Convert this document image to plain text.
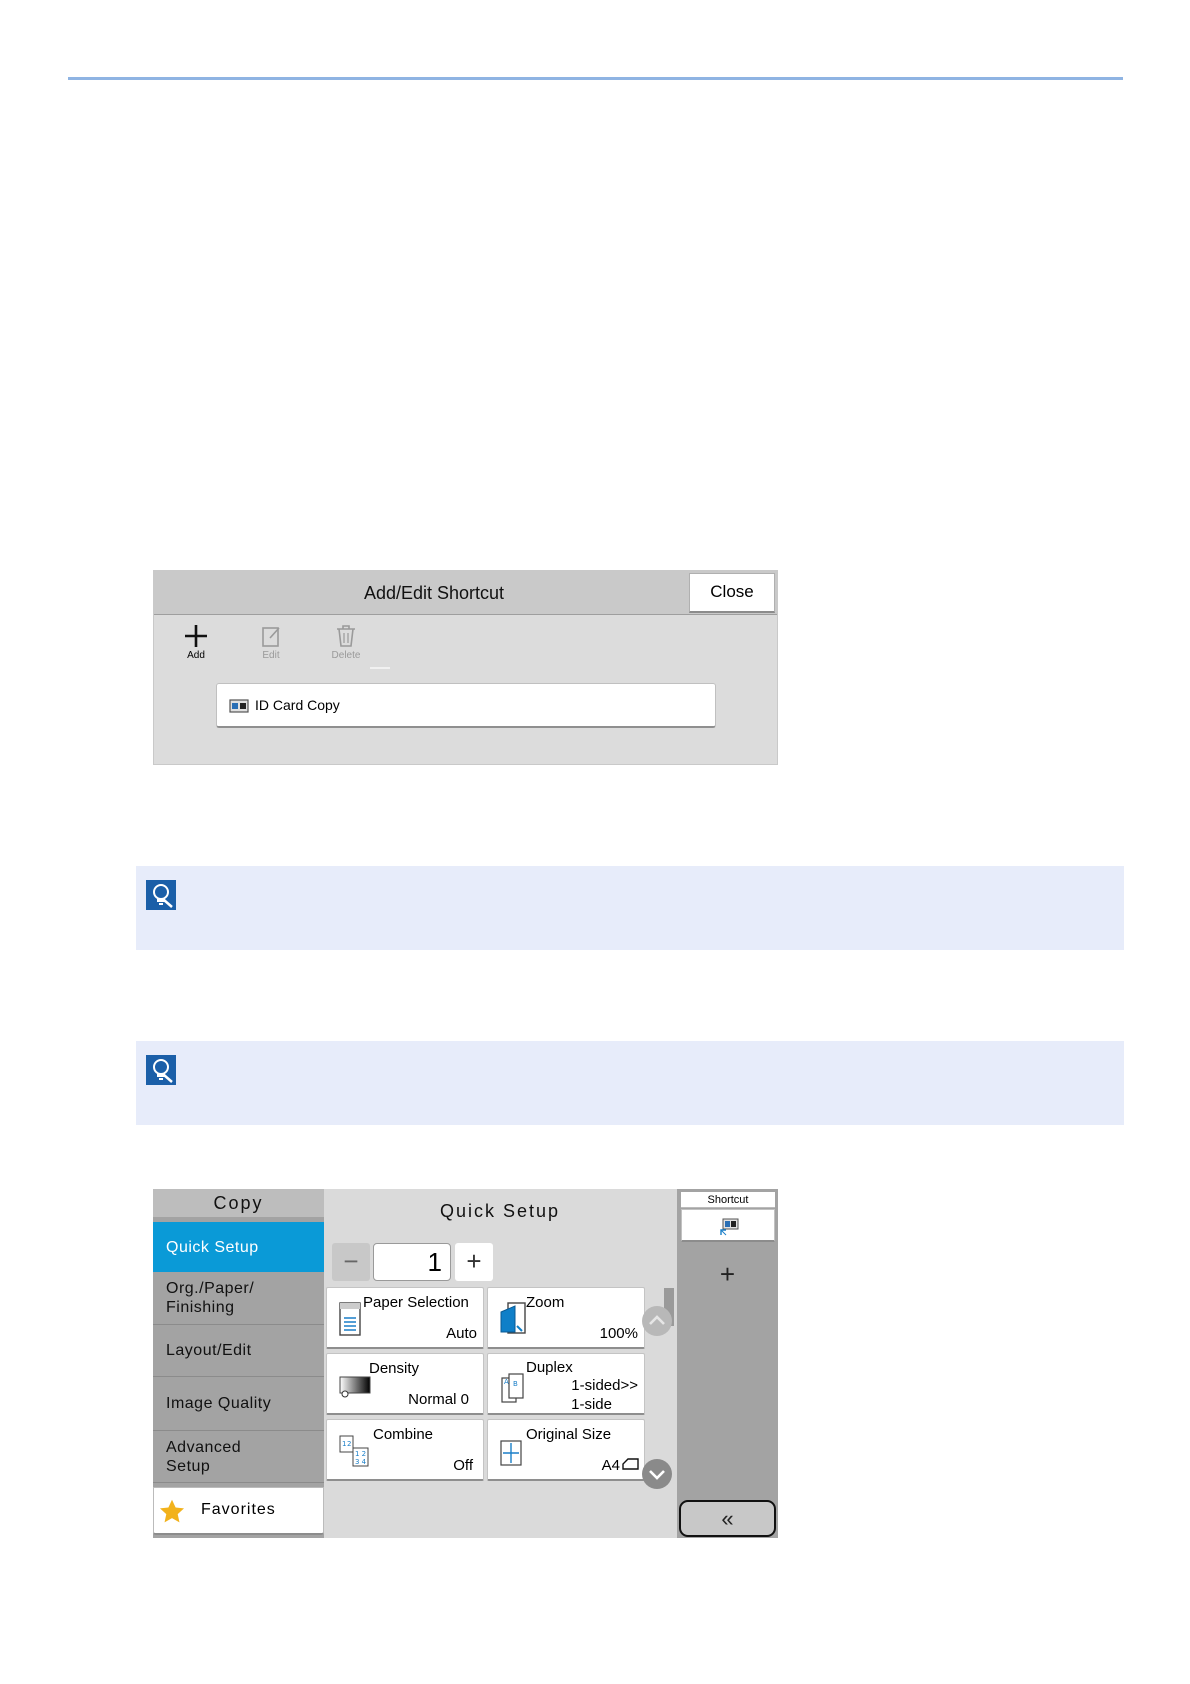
Add/Edit Shortcut	Close
Add	Edit	Delete
ID Card Copy
Copy
Quick Setup
Org./Paper/ Finishing
Layout/Edit
Image Quality
Advanced Setup
Favorites
Quick Setup
−	1 +
Paper Selection
Auto
Zoom
100%
Density
Normal 0
B
A
Duplex
1-sided>>
1-side
1 2
1 2
3 4
Combine
Off
Original Size
A4
Shortcut
+
«
